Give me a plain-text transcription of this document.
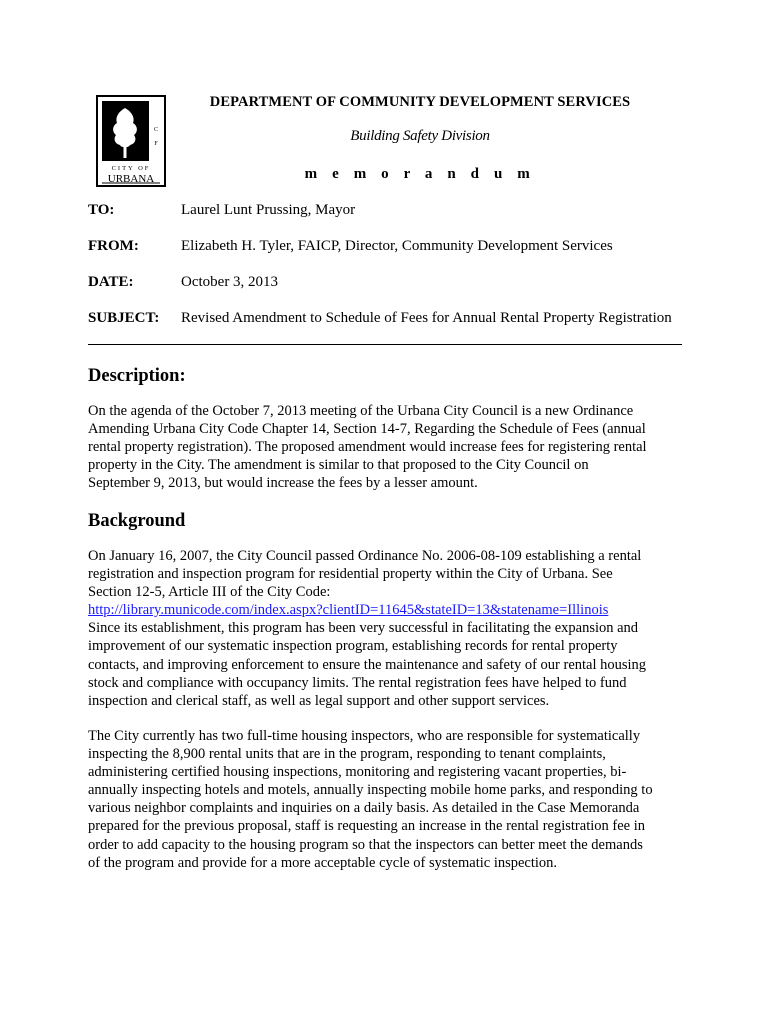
C
F
CITY OF
URBANA
DEPARTMENT OF COMMUNITY DEVELOPMENT SERVICES
Building Safety Division
m e m o r a n d u m
TO:	Laurel Lunt Prussing, Mayor
FROM:	Elizabeth H. Tyler, FAICP, Director, Community Development Services
DATE:	October 3, 2013
SUBJECT: Revised Amendment to Schedule of Fees for Annual Rental Property Registration
Description:

On the agenda of the October 7, 2013 meeting of the Urbana City Council is a new Ordinance

Amending Urbana City Code Chapter 14, Section 14-7, Regarding the Schedule of Fees (annual

rental property registration). The proposed amendment would increase fees for registering rental

property in the City. The amendment is similar to that proposed to the City Council on

September 9, 2013, but would increase the fees by a lesser amount.

Background

On January 16, 2007, the City Council passed Ordinance No. 2006-08-109 establishing a rental

registration and inspection program for residential property within the City of Urbana. See

Section 12-5, Article III of the City Code:

http://library.municode.com/index.aspx?clientID=11645&stateID=13&statename=Illinois

Since its establishment, this program has been very successful in facilitating the expansion and

improvement of our systematic inspection program, establishing records for rental property

contacts, and improving enforcement to ensure the maintenance and safety of our rental housing

stock and compliance with occupancy limits. The rental registration fees have helped to fund

inspection and clerical staff, as well as legal support and other support services.

The City currently has two full-time housing inspectors, who are responsible for systematically

inspecting the 8,900 rental units that are in the program, responding to tenant complaints,

administering certified housing inspections, monitoring and registering vacant properties, bi-

annually inspecting hotels and motels, annually inspecting mobile home parks, and responding to

various neighbor complaints and inquiries on a daily basis. As detailed in the Case Memoranda

prepared for the previous proposal, staff is requesting an increase in the rental registration fee in

order to add capacity to the housing program so that the inspectors can better meet the demands

of the program and provide for a more acceptable cycle of systematic inspection.
